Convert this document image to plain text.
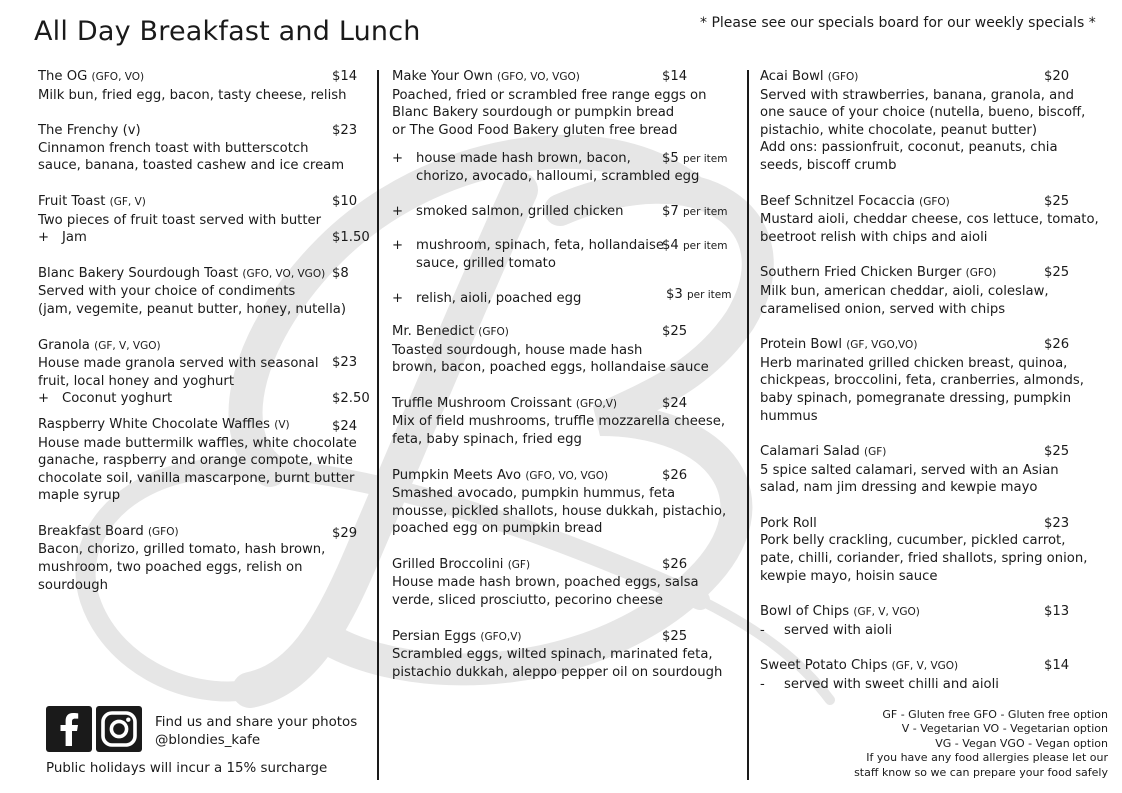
All Day Breakfast and Lunch	* Please see our specials board for our weekly specials *
The OG (GFO, VO)	$14
Milk bun, fried egg, bacon, tasty cheese, relish
The Frenchy (v)	$23
Cinnamon french toast with butterscotch
sauce, banana, toasted cashew and ice cream
Fruit Toast (GF, V)	$10
Two pieces of fruit toast served with butter
+ Jam	$1.50
Blanc Bakery Sourdough Toast (GFO, VO, VGO) $8
Served with your choice of condiments
(jam, vegemite, peanut butter, honey, nutella)
Granola (GF, V, VGO)
$23
House made granola served with seasonal
fruit, local honey and yoghurt
+ Coconut yoghurt	$2.50
Raspberry White Chocolate Waffles (V)	$24
House made buttermilk waffles, white chocolate
ganache, raspberry and orange compote, white
chocolate soil, vanilla mascarpone, burnt butter
maple syrup
Breakfast Board (GFO)	$29
Bacon, chorizo, grilled tomato, hash brown,
mushroom, two poached eggs, relish on sourdough
Make Your Own (GFO, VO, VGO)	$14
Poached, fried or scrambled free range eggs on
Blanc Bakery sourdough or pumpkin bread
or The Good Food Bakery gluten free bread
+ house made hash brown, bacon,
chorizo, avocado, halloumi, scrambled egg
$5 per item
+ smoked salmon, grilled chicken	$7 per item
+ mushroom, spinach, feta, hollandaise
sauce, grilled tomato
$4 per item
+ relish, aioli, poached egg	$3 per item
Mr. Benedict (GFO)	$25
Toasted sourdough, house made hash
brown, bacon, poached eggs, hollandaise sauce
Truffle Mushroom Croissant (GFO,V)	$24
Mix of field mushrooms, truffle mozzarella cheese,
feta, baby spinach, fried egg
Pumpkin Meets Avo (GFO, VO, VGO)	$26
Smashed avocado, pumpkin hummus, feta
mousse, pickled shallots, house dukkah, pistachio,
poached egg on pumpkin bread
Grilled Broccolini (GF)	$26
House made hash brown, poached eggs, salsa
verde, sliced prosciutto, pecorino cheese
Persian Eggs (GFO,V)	$25
Scrambled eggs, wilted spinach, marinated feta,
pistachio dukkah, aleppo pepper oil on sourdough
Acai Bowl (GFO)	$20
Served with strawberries, banana, granola, and
one sauce of your choice (nutella, bueno, biscoff,
pistachio, white chocolate, peanut butter)
Add ons: passionfruit, coconut, peanuts, chia
seeds, biscoff crumb
Beef Schnitzel Focaccia (GFO)	$25
Mustard aioli, cheddar cheese, cos lettuce, tomato,
beetroot relish with chips and aioli
Southern Fried Chicken Burger (GFO)	$25
Milk bun, american cheddar, aioli, coleslaw,
caramelised onion, served with chips
Protein Bowl (GF, VGO,VO)	$26
Herb marinated grilled chicken breast, quinoa,
chickpeas, broccolini, feta, cranberries, almonds,
baby spinach, pomegranate dressing, pumpkin
hummus
Calamari Salad (GF)	$25
5 spice salted calamari, served with an Asian
salad, nam jim dressing and kewpie mayo
Pork Roll	$23
Pork belly crackling, cucumber, pickled carrot,
pate, chilli, coriander, fried shallots, spring onion,
kewpie mayo, hoisin sauce
Bowl of Chips (GF, V, VGO)	$13
- served with aioli
Sweet Potato Chips (GF, V, VGO)	$14
- served with sweet chilli and aioli
Find us and share your photos
@blondies_kafe
Public holidays will incur a 15% surcharge
GF - Gluten free GFO - Gluten free option
V - Vegetarian VO - Vegetarian option
VG - Vegan VGO - Vegan option
If you have any food allergies please let our
staff know so we can prepare your food safely
